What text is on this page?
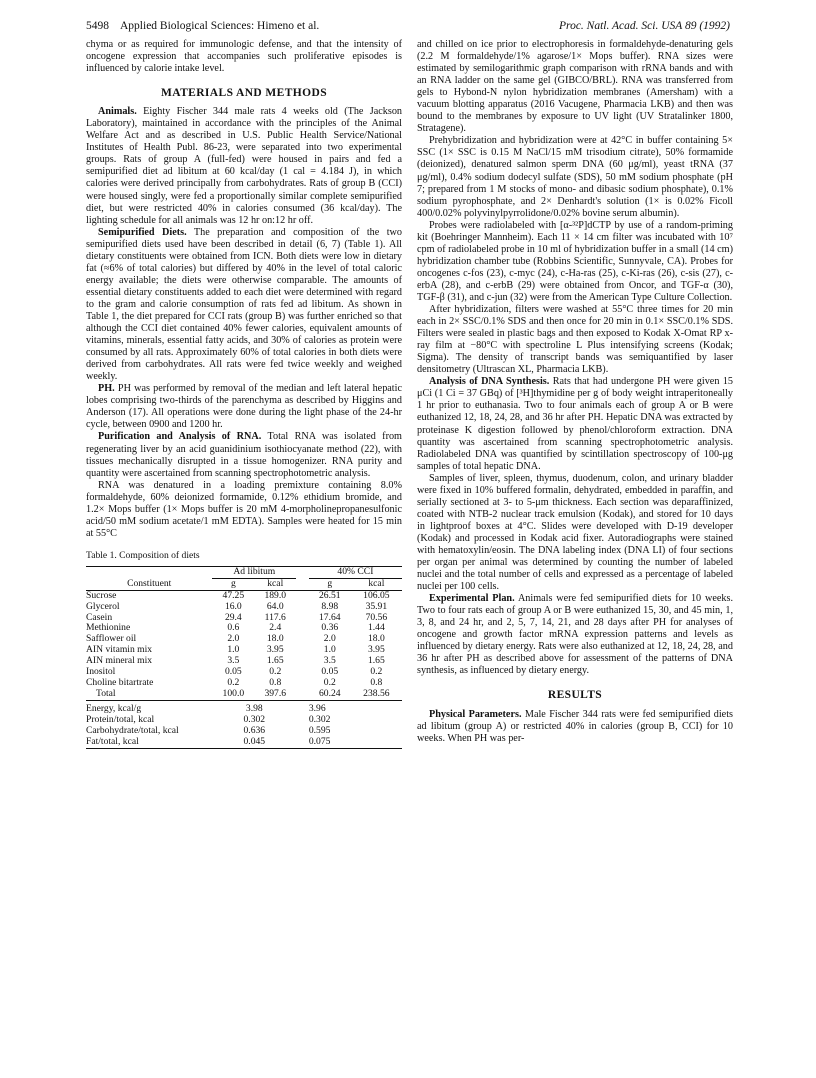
5498 Applied Biological Sciences: Himeno et al.	Proc. Natl. Acad. Sci. USA 89 (1992)

chyma or as required for immunologic defense, and that the intensity of oncogene expression that accompanies such proliferative episodes is influenced by calorie intake level.

MATERIALS AND METHODS

Animals. Eighty Fischer 344 male rats 4 weeks old (The Jackson Laboratory), maintained in accordance with the principles of the Animal Welfare Act and as described in U.S. Public Health Service/National Institutes of Health Publ. 86-23, were separated into two experimental groups. Rats of group A (full-fed) were housed in pairs and fed a semipurified diet ad libitum at 60 kcal/day (1 cal = 4.184 J), in which calories were derived principally from carbohydrates. Rats of group B (CCI) were housed singly, were fed a proportionally similar complete semipurified diet, but were restricted 40% in calories consumed (36 kcal/day). The lighting schedule for all animals was 12 hr on:12 hr off.

Semipurified Diets. The preparation and composition of the two semipurified diets used have been described in detail (6, 7) (Table 1). All dietary constituents were obtained from ICN. Both diets were low in dietary fat (≈6% of total calories) but differed by 40% in the level of total caloric energy available; the diets were otherwise comparable. The amounts of essential dietary constituents added to each diet were determined with regard to the gram and calorie consumption of rats fed ad libitum. As shown in Table 1, the diet prepared for CCI rats (group B) was further enriched so that although the CCI diet contained 40% fewer calories, equivalent amounts of vitamins, minerals, essential fatty acids, and 30% of calories as protein were consumed by all rats. Approximately 60% of total calories in both diets were derived from carbohydrates. All rats were fed twice weekly and weighed weekly.

PH. PH was performed by removal of the median and left lateral hepatic lobes comprising two-thirds of the parenchyma as described by Higgins and Anderson (17). All operations were done during the light phase of the 24-hr cycle, between 0900 and 1200 hr.

Purification and Analysis of RNA. Total RNA was isolated from regenerating liver by an acid guanidinium isothiocyanate method (22), with tissues mechanically disrupted in a tissue homogenizer. RNA purity and quantity were ascertained from scanning spectrophotometric analysis.

RNA was denatured in a loading premixture containing 8.0% formaldehyde, 60% deionized formamide, 0.12% ethidium bromide, and 1.2× Mops buffer (1× Mops buffer is 20 mM 4-morpholinepropanesulfonic acid/50 mM sodium acetate/1 mM EDTA). Samples were heated for 15 min at 55°C

Table 1. Composition of diets
	Ad libitum			40% CCI	
Constituent	g	kcal		g	kcal
Sucrose	47.25	189.0		26.51	106.05
Glycerol	16.0	64.0		8.98	35.91
Casein	29.4	117.6		17.64	70.56
Methionine	0.6	2.4		0.36	1.44
Safflower oil	2.0	18.0		2.0	18.0
AIN vitamin mix	1.0	3.95		1.0	3.95
AIN mineral mix	3.5	1.65		3.5	1.65
Inositol	0.05	0.2		0.05	0.2
Choline bitartrate	0.2	0.8		0.2	0.8
Total	100.0	397.6		60.24	238.56

Energy, kcal/g	3.98			3.96	
Protein/total, kcal	0.302			0.302	
Carbohydrate/total, kcal	0.636			0.595	
Fat/total, kcal	0.045			0.075	

and chilled on ice prior to electrophoresis in formaldehyde-denaturing gels (2.2 M formaldehyde/1% agarose/1× Mops buffer). RNA sizes were estimated by semilogarithmic graph comparison with rRNA bands and with an RNA ladder on the same gel (GIBCO/BRL). RNA was transferred from gels to Hybond-N nylon hybridization membranes (Amersham) with a vacuum blotting apparatus (2016 Vacugene, Pharmacia LKB) and then was bound to the membranes by exposure to UV light (UV Stratalinker 1800, Stratagene).

Prehybridization and hybridization were at 42°C in buffer containing 5× SSC (1× SSC is 0.15 M NaCl/15 mM trisodium citrate), 50% formamide (deionized), denatured salmon sperm DNA (60 μg/ml), yeast tRNA (37 μg/ml), 0.4% sodium dodecyl sulfate (SDS), 50 mM sodium phosphate (pH 7; prepared from 1 M stocks of mono- and dibasic sodium phosphate), 0.1% sodium pyrophosphate, and 2× Denhardt's solution (1× is 0.02% Ficoll 400/0.02% polyvinylpyrrolidone/0.02% bovine serum albumin).

Probes were radiolabeled with [α-³²P]dCTP by use of a random-priming kit (Boehringer Mannheim). Each 11 × 14 cm filter was incubated with 10⁷ cpm of radiolabeled probe in 10 ml of hybridization buffer in a small (14 cm) hybridization chamber tube (Robbins Scientific, Sunnyvale, CA). Probes for oncogenes c-fos (23), c-myc (24), c-Ha-ras (25), c-Ki-ras (26), c-sis (27), c-erbA (28), and c-erbB (29) were obtained from Oncor, and TGF-α (30), TGF-β (31), and c-jun (32) were from the American Type Culture Collection.

After hybridization, filters were washed at 55°C three times for 20 min each in 2× SSC/0.1% SDS and then once for 20 min in 0.1× SSC/0.1% SDS. Filters were sealed in plastic bags and then exposed to Kodak X-Omat RP x-ray film at −80°C with spectroline L Plus intensifying screens (Kodak; Sigma). The density of transcript bands was semiquantified by laser densitometry (Ultrascan XL, Pharmacia LKB).

Analysis of DNA Synthesis. Rats that had undergone PH were given 15 μCi (1 Ci = 37 GBq) of [³H]thymidine per g of body weight intraperitoneally 1 hr prior to euthanasia. Two to four animals each of group A or B were euthanized 12, 18, 24, 28, and 36 hr after PH. Hepatic DNA was extracted by proteinase K digestion followed by phenol/chloroform extraction. DNA quantity was ascertained from scanning spectrophotometric analysis. Radiolabeled DNA was quantified by scintillation spectroscopy of 100-μg samples of total hepatic DNA.

Samples of liver, spleen, thymus, duodenum, colon, and urinary bladder were fixed in 10% buffered formalin, dehydrated, embedded in paraffin, and serially sectioned at 3- to 5-μm thickness. Each section was deparaffinized, coated with NTB-2 nuclear track emulsion (Kodak), and stored for 10 days in lightproof boxes at 4°C. Slides were developed with D-19 developer (Kodak) and processed in Kodak acid fixer. Autoradiographs were stained with hematoxylin/eosin. The DNA labeling index (DNA LI) of four sections per organ per animal was determined by counting the number of labeled nuclei and the total number of cells and expressed as a percentage of labeled nuclei per 100 cells.

Experimental Plan. Animals were fed semipurified diets for 10 weeks. Two to four rats each of group A or B were euthanized 15, 30, and 45 min, 1, 3, 8, and 24 hr, and 2, 5, 7, 14, 21, and 28 days after PH for analyses of oncogene and growth factor mRNA expression patterns and levels as influenced by dietary energy. Rats were also euthanized at 12, 18, 24, 28, and 36 hr after PH as described above for assessment of the patterns of DNA synthesis, as influenced by dietary energy.

RESULTS

Physical Parameters. Male Fischer 344 rats were fed semipurified diets ad libitum (group A) or restricted 40% in calories (group B, CCI) for 10 weeks. When PH was per-
